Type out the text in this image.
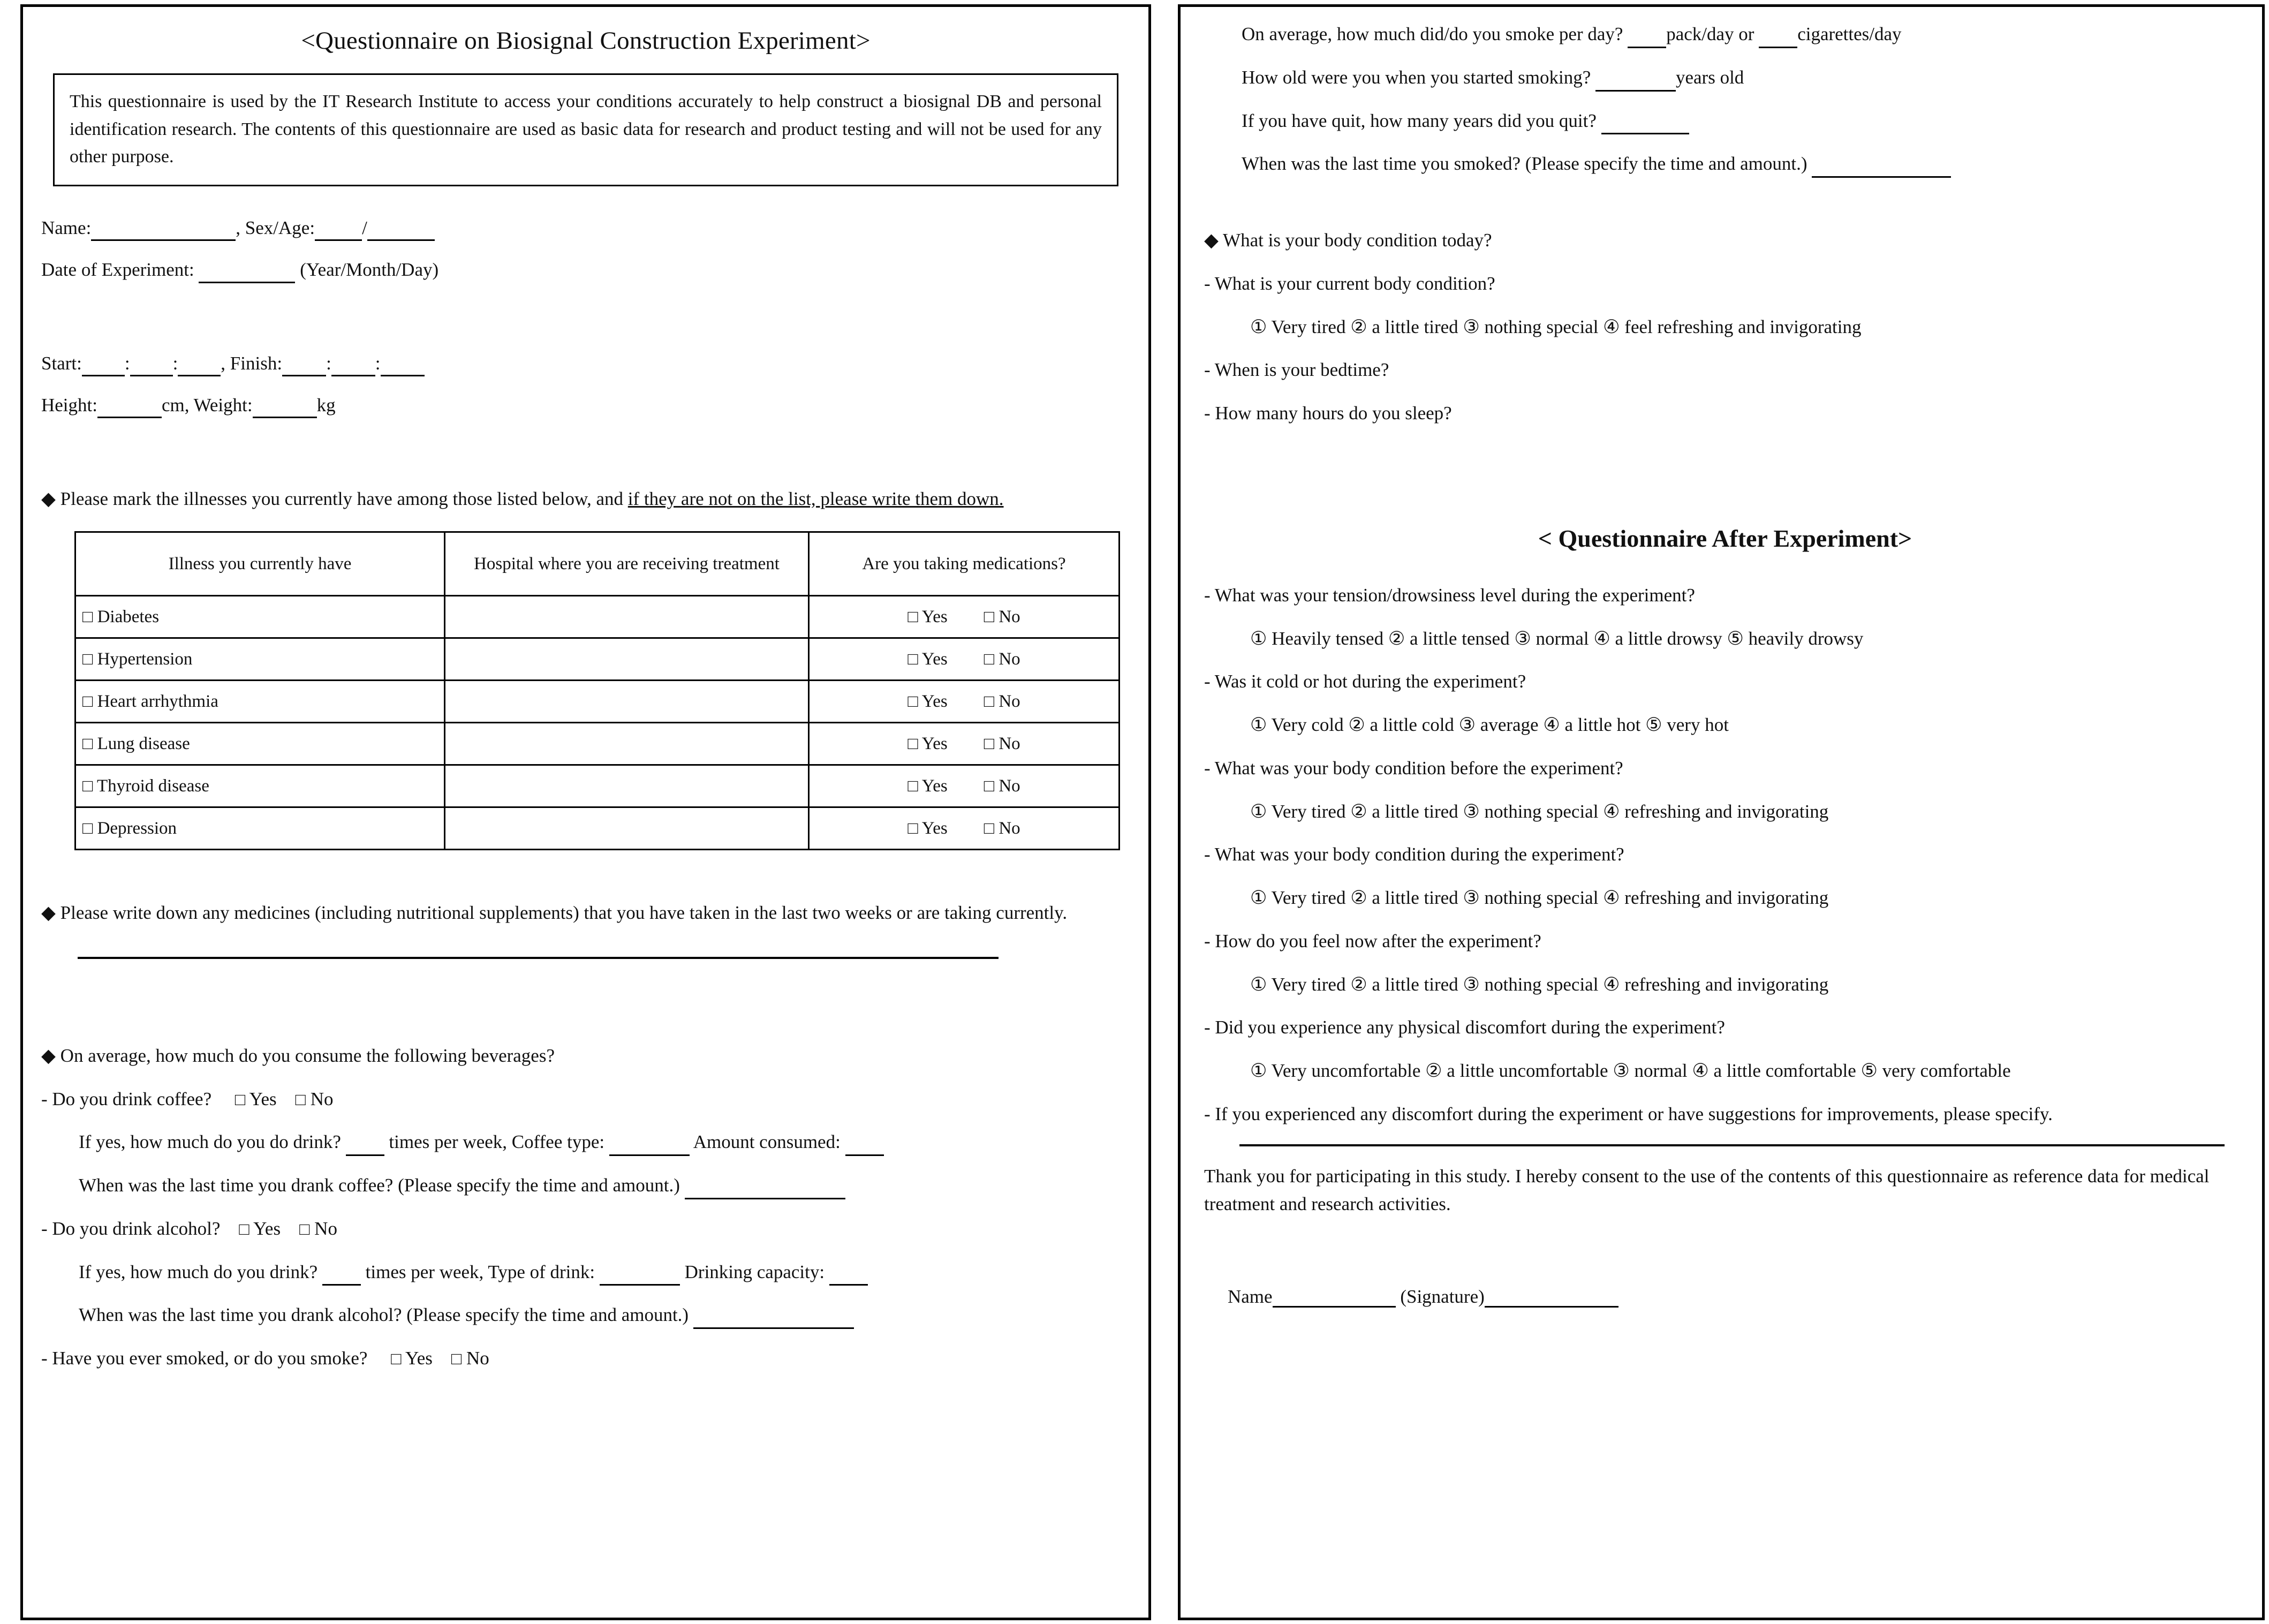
<Questionnaire on Biosignal Construction Experiment>

This questionnaire is used by the IT Research Institute to access your conditions accurately to help construct a biosignal DB and personal identification research. The contents of this questionnaire are used as basic data for research and product testing and will not be used for any other purpose.

Name:	, Sex/Age:	/

Date of Experiment:	(Year/Month/Day)

Start: : : , Finish: : :

Height:	cm, Weight:	kg

◆ Please mark the illnesses you currently have among those listed below, and if they are not on the list, please write them down.

Illness you currently have	Hospital where you are receiving treatment	Are you taking medications?
□ Diabetes		□ Yes □ No
□ Hypertension		□ Yes □ No
□ Heart arrhythmia		□ Yes □ No
□ Lung disease		□ Yes □ No
□ Thyroid disease		□ Yes □ No
□ Depression		□ Yes □ No

◆ Please write down any medicines (including nutritional supplements) that you have taken in the last two weeks or are taking currently.

◆ On average, how much do you consume the following beverages?

- Do you drink coffee? □ Yes □ No

If yes, how much do you do drink?	times per week, Coffee type:	Amount consumed:

When was the last time you drank coffee? (Please specify the time and amount.)

- Do you drink alcohol? □ Yes □ No

If yes, how much do you drink?	times per week, Type of drink:	Drinking capacity:

When was the last time you drank alcohol? (Please specify the time and amount.)

- Have you ever smoked, or do you smoke? □ Yes □ No

On average, how much did/do you smoke per day? pack/day or cigarettes/day

How old were you when you started smoking?	years old

If you have quit, how many years did you quit?

When was the last time you smoked? (Please specify the time and amount.)

◆ What is your body condition today?

- What is your current body condition?

① Very tired ② a little tired ③ nothing special ④ feel refreshing and invigorating

- When is your bedtime?

- How many hours do you sleep?

< Questionnaire After Experiment>

- What was your tension/drowsiness level during the experiment?

① Heavily tensed ② a little tensed ③ normal ④ a little drowsy ⑤ heavily drowsy

- Was it cold or hot during the experiment?

① Very cold ② a little cold ③ average ④ a little hot ⑤ very hot

- What was your body condition before the experiment?

① Very tired ② a little tired ③ nothing special ④ refreshing and invigorating

- What was your body condition during the experiment?

① Very tired ② a little tired ③ nothing special ④ refreshing and invigorating

- How do you feel now after the experiment?

① Very tired ② a little tired ③ nothing special ④ refreshing and invigorating

- Did you experience any physical discomfort during the experiment?

① Very uncomfortable ② a little uncomfortable ③ normal ④ a little comfortable ⑤ very comfortable

- If you experienced any discomfort during the experiment or have suggestions for improvements, please specify.

Thank you for participating in this study. I hereby consent to the use of the contents of this questionnaire as reference data for medical treatment and research activities.

Name	(Signature)
